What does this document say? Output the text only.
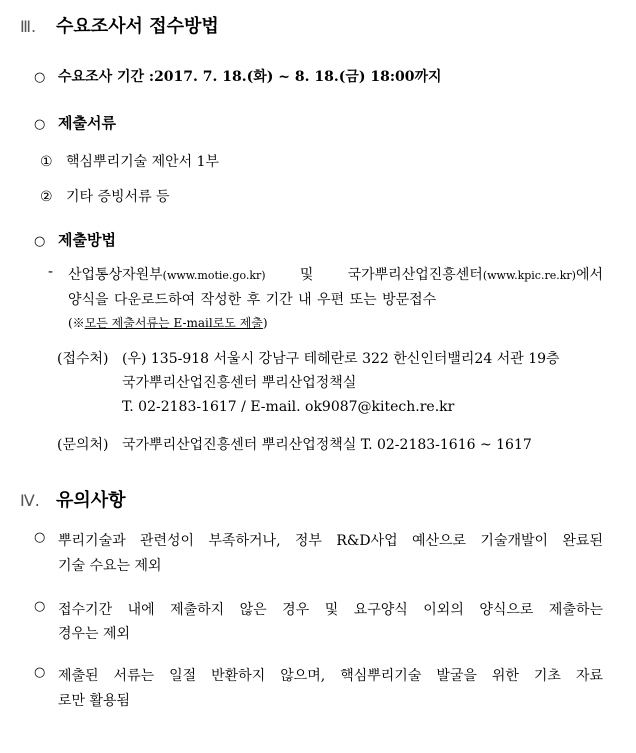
Ⅲ.	수요조사서 접수방법
○ 수요조사 기간 : 2017. 7. 18.(화) ~ 8. 18.(금) 18:00까지
○ 제출서류
① 핵심뿌리기술 제안서 1부
② 기타 증빙서류 등
○ 제출방법
- 산업통상자원부(www.motie.go.kr) 및 국가뿌리산업진흥센터(www.kpic.re.kr)에서
양식을 다운로드하여 작성한 후 기간 내 우편 또는 방문접수
(※모든 제출서류는 E-mail로도 제출)
(접수처) (우) 135-918 서울시 강남구 테헤란로 322 한신인터밸리24 서관 19층
국가뿌리산업진흥센터 뿌리산업정책실
T. 02-2183-1617 / E-mail. ok9087@kitech.re.kr
(문의처) 국가뿌리산업진흥센터 뿌리산업정책실 T. 02-2183-1616 ~ 1617
Ⅳ. 유의사항
○ 뿌리기술과 관련성이 부족하거나, 정부 R&D사업 예산으로 기술개발이 완료된
기술 수요는 제외
○ 접수기간 내에 제출하지 않은 경우 및 요구양식 이외의 양식으로 제출하는
경우는 제외
○ 제출된 서류는 일절 반환하지 않으며, 핵심뿌리기술 발굴을 위한 기초 자료
로만 활용됨
